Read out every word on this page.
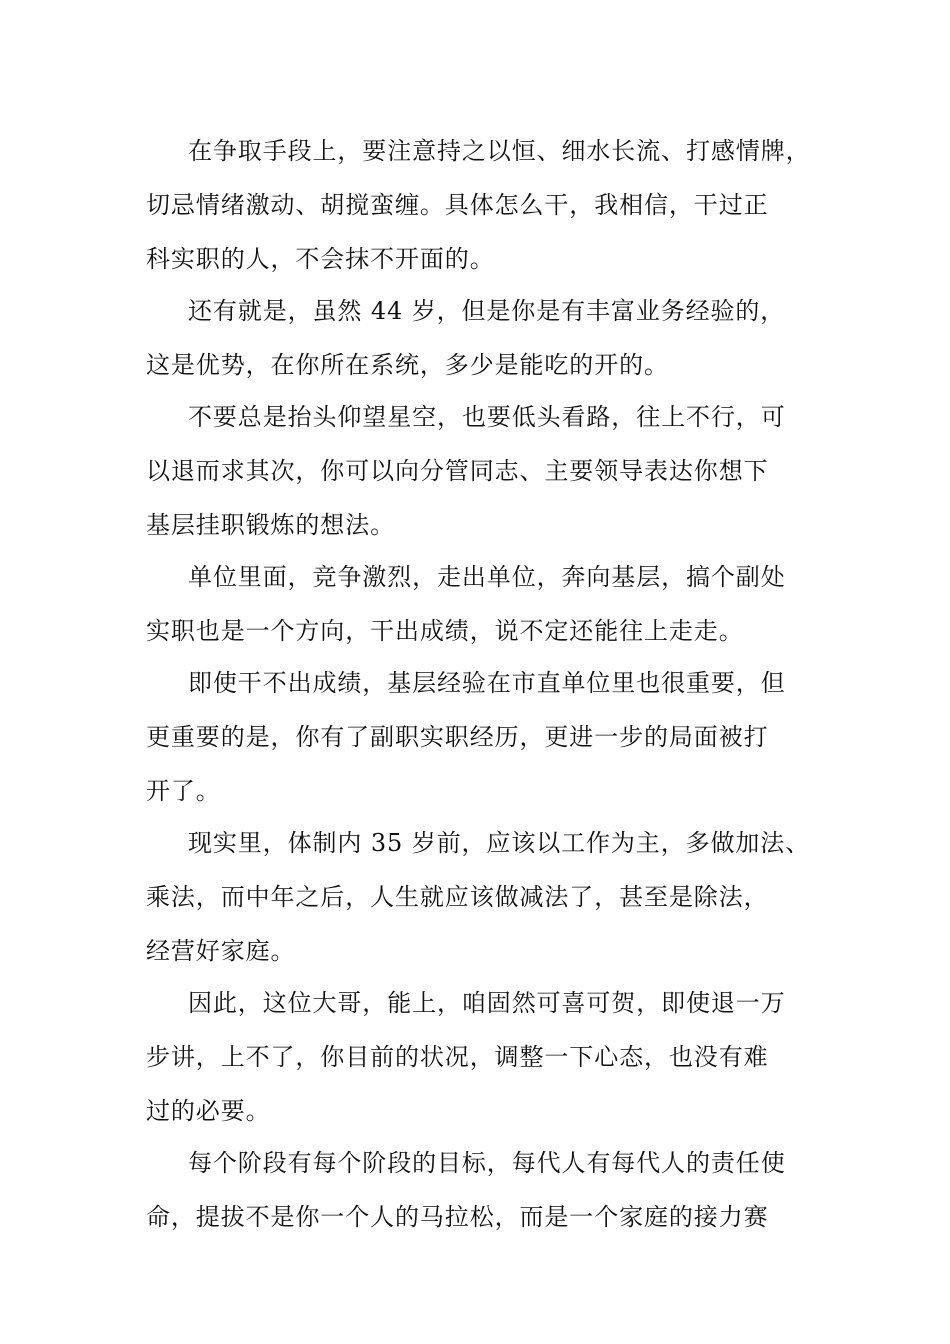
在争取手段上，要注意持之以恒、细水长流、打感情牌，
切忌情绪激动、胡搅蛮缠。具体怎么干，我相信，干过正
科实职的人，不会抹不开面的。
还有就是，虽然 44 岁，但是你是有丰富业务经验的，
这是优势，在你所在系统，多少是能吃的开的。
不要总是抬头仰望星空，也要低头看路，往上不行，可
以退而求其次，你可以向分管同志、主要领导表达你想下
基层挂职锻炼的想法。
单位里面，竞争激烈，走出单位，奔向基层，搞个副处
实职也是一个方向，干出成绩，说不定还能往上走走。
即使干不出成绩，基层经验在市直单位里也很重要，但
更重要的是，你有了副职实职经历，更进一步的局面被打
开了。
现实里，体制内 35 岁前，应该以工作为主，多做加法、
乘法，而中年之后，人生就应该做减法了，甚至是除法，
经营好家庭。
因此，这位大哥，能上，咱固然可喜可贺，即使退一万
步讲，上不了，你目前的状况，调整一下心态，也没有难
过的必要。
每个阶段有每个阶段的目标，每代人有每代人的责任使
命，提拔不是你一个人的马拉松，而是一个家庭的接力赛
